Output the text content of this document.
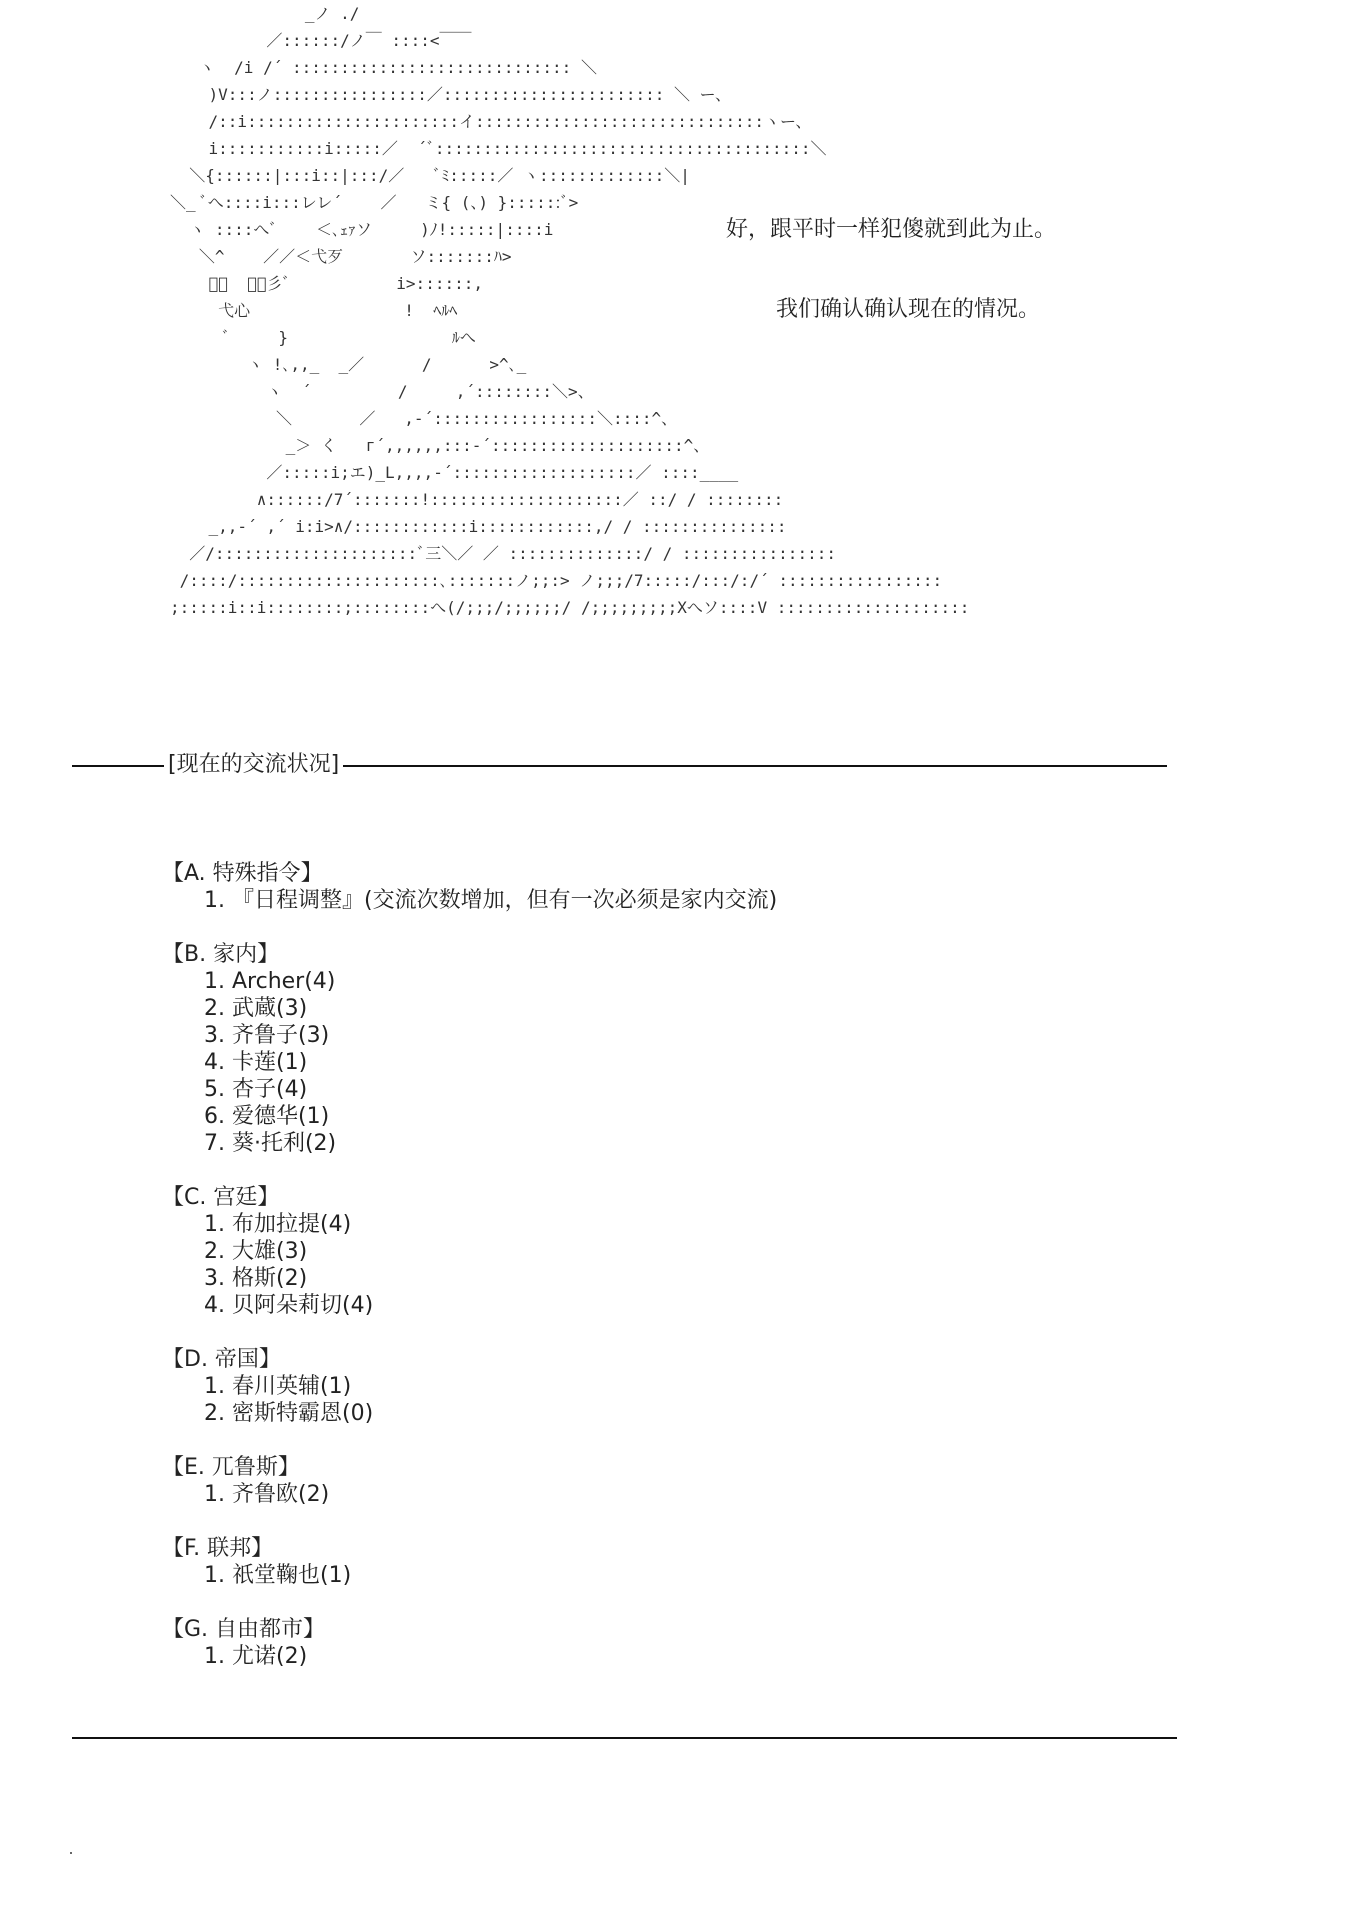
_ノ ./
／::::::/ノ￣ ::::<￣￣
ヽ  /i /´ ::::::::::::::::::::::::::::: ＼
)V:::ノ::::::::::::::::／::::::::::::::::::::::: ＼ ー、
/::i::::::::::::::::::::::イ::::::::::::::::::::::::::::::ヽー、
i:::::::::::i:::::／  ´ﾞ:::::::::::::::::::::::::::::::::::::::＼
＼{::::::|:::i::|:::/／   ﾞﾐ:::::／ ヽ:::::::::::::＼|
＼_ ﾞへ::::i:::レレ´    ／   ミ{ (、) }::::::ﾞ>
ヽ ::::へﾞ    ＜､ｪｧソ     )ﾉ!:::::|::::i
＼^    ／／＜弋歹       ソ:::::::ﾊ>
ﾞ､  ／ﾞ彡ﾞ           i>::::::,
弋心                !  ﾍﾙﾍ
ﾞ     }                 ﾙへ
ヽ !､,,_  _／      /      >^､_
ヽ  ´         /     ,´::::::::＼>、
＼       ／   ,-´:::::::::::::::::＼::::^、
_＞ く   г´,,,,,,:::-´::::::::::::::::::::^、
／:::::i;エ)_L,,,,-´:::::::::::::::::::／ ::::____
∧::::::/7´:::::::!::::::::::::::::::::／ ::/ / ::::::::
_,,-´ ,´ i:i>∧/::::::::::::i::::::::::::,/ / :::::::::::::::
／/:::::::::::::::::::::ﾞ三＼／ ／ ::::::::::::::/ / ::::::::::::::::
/::::/:::::::::::::::::::::､:::::::ノ;;:> ノ;;;/7:::::/:::/:/´ :::::::::::::::::
;:::::i::i::::::::;::::::::へ(/;;;/;;;;;;/ /;;;;;;;;;Xへソ::::V ::::::::::::::::::::

好，跟平时一样犯傻就到此为止。
我们确认确认现在的情况。
[现在的交流状况]
【A. 特殊指令】
1. 『日程调整』(交流次数增加，但有一次必须是家内交流)
【B. 家内】
1. Archer(4)
2. 武蔵(3)
3. 齐鲁子(3)
4. 卡莲(1)
5. 杏子(4)
6. 爱德华(1)
7. 葵·托利(2)
【C. 宫廷】
1. 布加拉提(4)
2. 大雄(3)
3. 格斯(2)
4. 贝阿朵莉切(4)
【D. 帝国】
1. 春川英辅(1)
2. 密斯特霸恩(0)
【E. 兀鲁斯】
1. 齐鲁欧(2)
【F. 联邦】
1. 祇堂鞠也(1)
【G. 自由都市】
1. 尤诺(2)
